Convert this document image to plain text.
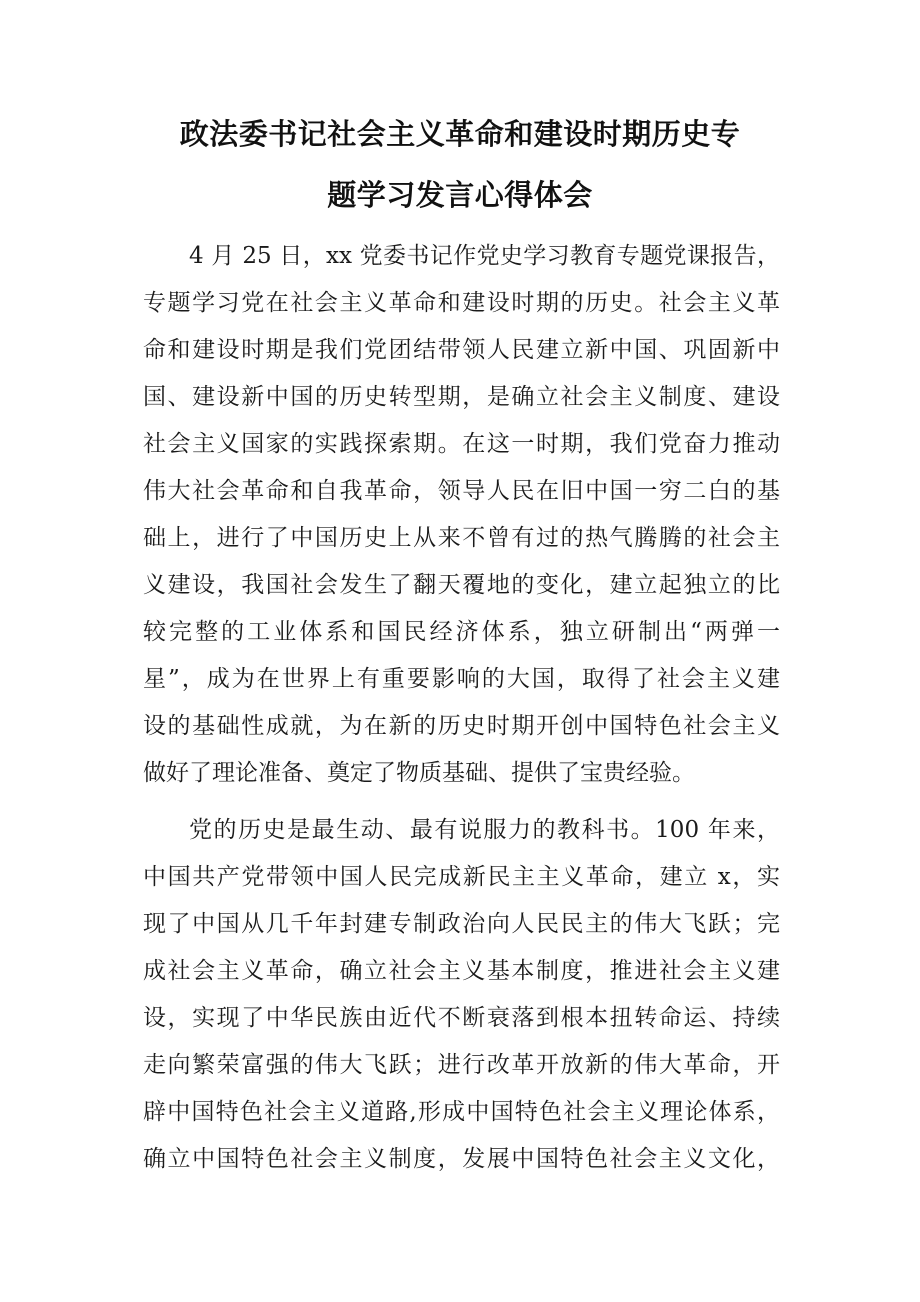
政法委书记社会主义革命和建设时期历史专
题学习发言心得体会

4 月 25 日，xx 党委书记作党史学习教育专题党课报告，

专题学习党在社会主义革命和建设时期的历史。社会主义革

命和建设时期是我们党团结带领人民建立新中国、巩固新中

国、建设新中国的历史转型期，是确立社会主义制度、建设

社会主义国家的实践探索期。在这一时期，我们党奋力推动

伟大社会革命和自我革命，领导人民在旧中国一穷二白的基

础上，进行了中国历史上从来不曾有过的热气腾腾的社会主

义建设，我国社会发生了翻天覆地的变化，建立起独立的比

较完整的工业体系和国民经济体系，独立研制出“两弹一

星”，成为在世界上有重要影响的大国，取得了社会主义建

设的基础性成就，为在新的历史时期开创中国特色社会主义

做好了理论准备、奠定了物质基础、提供了宝贵经验。

党的历史是最生动、最有说服力的教科书。100 年来，

中国共产党带领中国人民完成新民主主义革命，建立 x，实

现了中国从几千年封建专制政治向人民民主的伟大飞跃；完

成社会主义革命，确立社会主义基本制度，推进社会主义建

设，实现了中华民族由近代不断衰落到根本扭转命运、持续

走向繁荣富强的伟大飞跃；进行改革开放新的伟大革命，开

辟中国特色社会主义道路,形成中国特色社会主义理论体系，

确立中国特色社会主义制度，发展中国特色社会主义文化，
